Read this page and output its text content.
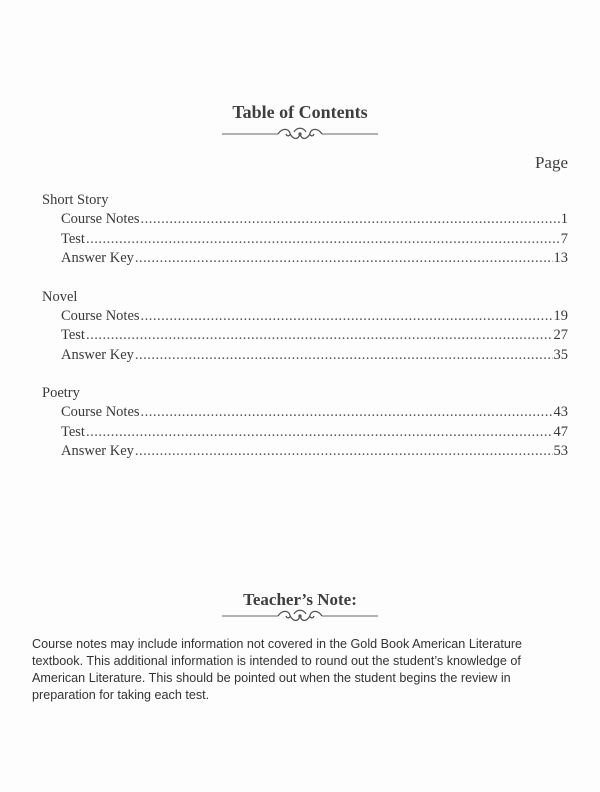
Table of Contents
Page
Short Story
Course Notes .....	1
Test .....	7
Answer Key .....	13
Novel
Course Notes .....	19
Test .....	27
Answer Key .....	35
Poetry
Course Notes .....	43
Test .....	47
Answer Key .....	53
Teacher’s Note:
Course notes may include information not covered in the Gold Book American Literature textbook. This additional information is intended to round out the student’s knowledge of American Literature. This should be pointed out when the student begins the review in preparation for taking each test.
